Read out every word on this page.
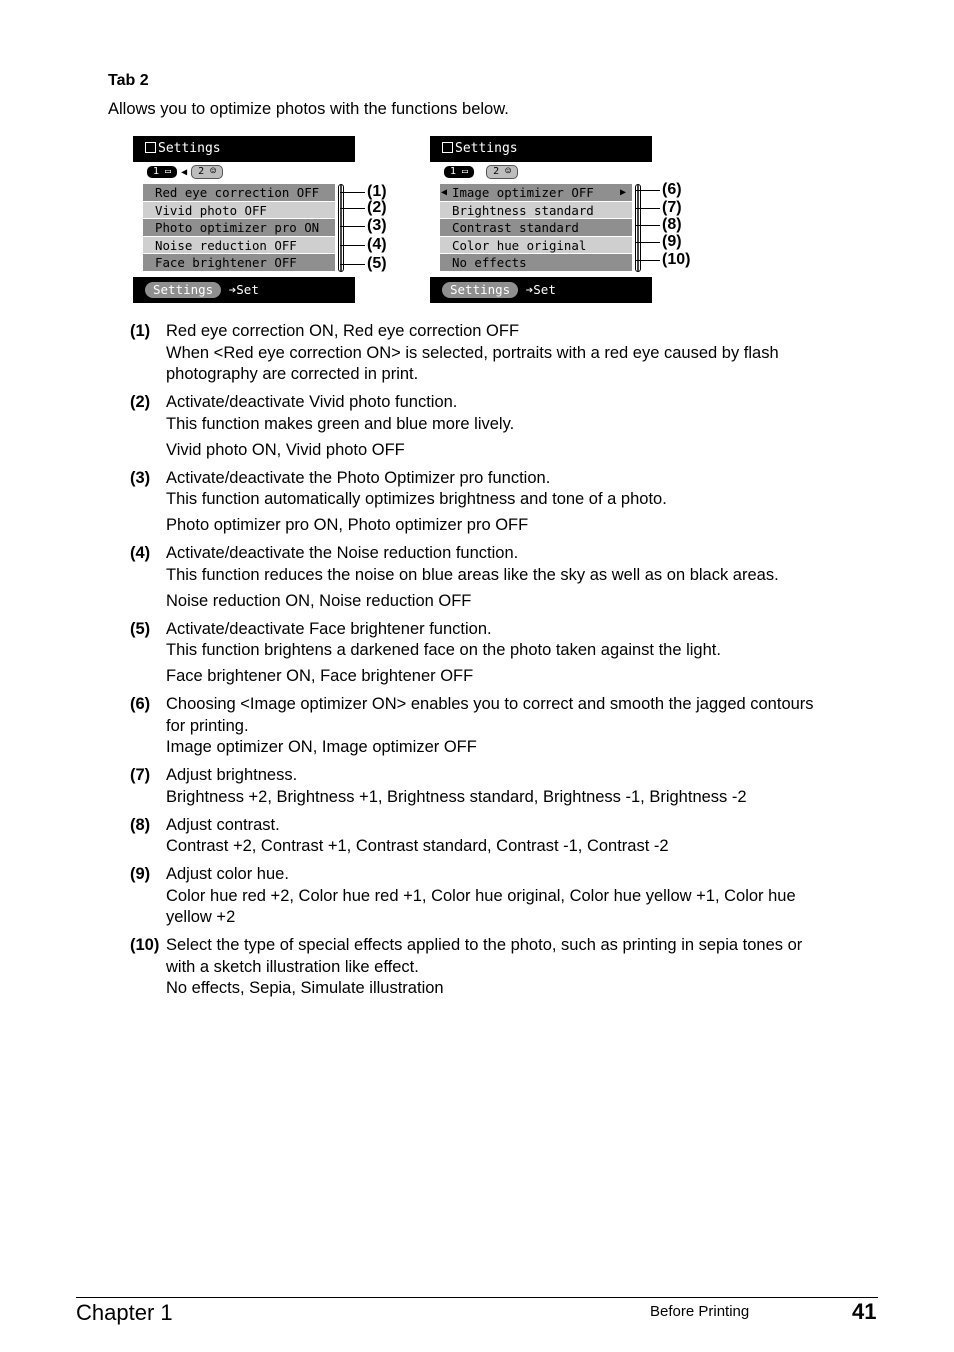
Tab 2
Allows you to optimize photos with the functions below.
Settings
1 ▭	◀	2 ☺
Red eye correction OFF
Vivid photo OFF
Photo optimizer pro ON
Noise reduction OFF
Face brightener OFF
Settings ➔Set
(1)
(2)
(3)
(4)
(5)
Settings
1 ▭	2 ☺
◀ Image optimizer OFF	▶
Brightness standard
Contrast standard
Color hue original
No effects
Settings ➔Set
(6)
(7)
(8)
(9)
(10)
(1) Red eye correction ON, Red eye correction OFF
When <Red eye correction ON> is selected, portraits with a red eye caused by flash
photography are corrected in print.
(2) Activate/deactivate Vivid photo function.
This function makes green and blue more lively.
Vivid photo ON, Vivid photo OFF
(3) Activate/deactivate the Photo Optimizer pro function.
This function automatically optimizes brightness and tone of a photo.
Photo optimizer pro ON, Photo optimizer pro OFF
(4) Activate/deactivate the Noise reduction function.
This function reduces the noise on blue areas like the sky as well as on black areas.
Noise reduction ON, Noise reduction OFF
(5) Activate/deactivate Face brightener function.
This function brightens a darkened face on the photo taken against the light.
Face brightener ON, Face brightener OFF
(6) Choosing <Image optimizer ON> enables you to correct and smooth the jagged contours
for printing.
Image optimizer ON, Image optimizer OFF
(7) Adjust brightness.
Brightness +2, Brightness +1, Brightness standard, Brightness -1, Brightness -2
(8) Adjust contrast.
Contrast +2, Contrast +1, Contrast standard, Contrast -1, Contrast -2
(9) Adjust color hue.
Color hue red +2, Color hue red +1, Color hue original, Color hue yellow +1, Color hue
yellow +2
(10) Select the type of special effects applied to the photo, such as printing in sepia tones or
with a sketch illustration like effect.
No effects, Sepia, Simulate illustration
Chapter 1	Before Printing	41
